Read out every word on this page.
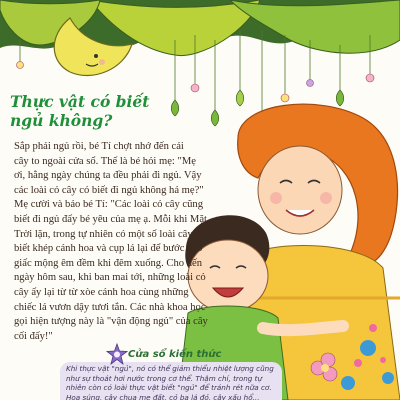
Thực vật có biết
ngủ không?
Sắp phải ngủ rồi, bé Tí chợt nhớ đến cái
cây to ngoài cửa sổ. Thế là bé hỏi mẹ: "Mẹ
ơi, hằng ngày chúng ta đều phải đi ngủ. Vậy
các loài cỏ cây có biết đi ngủ không hả mẹ?"
Mẹ cười và bảo bé Tí: "Các loài cỏ cây cũng
biết đi ngủ đấy bé yêu của mẹ ạ. Mỗi khi Mặt
Trời lặn, trong tự nhiên có một số loài cây
biết khép cánh hoa và cụp lá lại để bước vào
giấc mộng êm đềm khi đêm xuống. Cho đến
ngày hôm sau, khi ban mai tới, những loài cỏ
cây ấy lại từ từ xòe cánh hoa cùng những
chiếc lá vươn dậy tươi tắn. Các nhà khoa học
gọi hiện tượng này là "vận động ngủ" của cây
cối đấy!"
Cửa sổ kiến thức
Khi thực vật "ngủ", nó có thể giảm thiểu nhiệt lượng cũng
như sự thoát hơi nước trong cơ thể. Thậm chí, trong tự
nhiên còn có loài thực vật biết "ngủ" để tránh rét nữa cơ.
Hoa súng, cây chua me đất, cỏ ba lá đỏ, cây xấu hổ...
